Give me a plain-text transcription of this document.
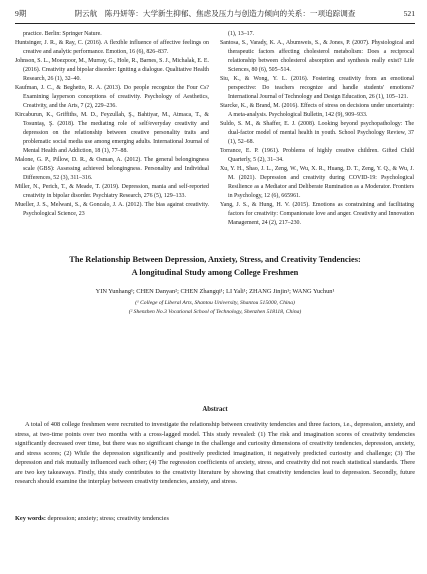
9期	阴云航　陈丹妍等：大学新生抑郁、焦虑及压力与创造力倾向的关系：一项追踪调查	521

practice. Berlin: Springer Nature.

Huntsinger, J. R., & Ray, C. (2016). A flexible influence of affective feelings on creative and analytic performance. Emotion, 16 (6), 826–837.

Johnson, S. L., Moezpoor, M., Murray, G., Hole, R., Barnes, S. J., Michalak, E. E. (2016). Creativity and bipolar disorder: Igniting a dialogue. Qualitative Health Research, 26 (1), 32–40.

Kaufman, J. C., & Beghetto, R. A. (2013). Do people recognize the Four Cs? Examining layperson conceptions of creativity. Psychology of Aesthetics, Creativity, and the Arts, 7 (2), 229–236.

Kircaburun, K., Griffiths, M. D., Feyzullah, Ş., Bahtiyar, M., Atmaca, T., & Tosuntaş, Ş. (2018). The mediating role of self/everyday creativity and depression on the relationship between creative personality traits and problematic social media use among emerging adults. International Journal of Mental Health and Addiction, 18 (1), 77–88.

Malone, G. P., Pillow, D. R., & Osman, A. (2012). The general belongingness scale (GBS): Assessing achieved belongingness. Personality and Individual Differences, 52 (3), 311–316.

Miller, N., Perich, T., & Meade, T. (2019). Depression, mania and self-reported creativity in bipolar disorder. Psychiatry Research, 276 (5), 129–133.

Mueller, J. S., Melwani, S., & Goncalo, J. A. (2012). The bias against creativity. Psychological Science, 23

(1), 13–17.

Santosa, S., Varady, K. A., Abumweis, S., & Jones, P. (2007). Physiological and therapeutic factors affecting cholesterol metabolism: Does a reciprocal relationship between cholesterol absorption and synthesis really exist? Life Sciences, 80 (6), 505–514.

Siu, K., & Wong, Y. L. (2016). Fostering creativity from an emotional perspective: Do teachers recognize and handle students' emotions? International Journal of Technology and Design Education, 26 (1), 105–121.

Starcke, K., & Brand, M. (2016). Effects of stress on decisions under uncertainty: A meta-analysis. Psychological Bulletin, 142 (9), 909–933.

Suldo, S. M., & Shaffer, E. J. (2008). Looking beyond psychopathology: The dual-factor model of mental health in youth. School Psychology Review, 37 (1), 52–68.

Torrance, E. P. (1961). Problems of highly creative children. Gifted Child Quarterly, 5 (2), 31–34.

Xu, Y. H., Shao, J. L., Zeng, W., Wu, X. R., Huang, D. T., Zeng, Y. Q., & Wu, J. M. (2021). Depression and creativity during COVID-19: Psychological Resilience as a Mediator and Deliberate Rumination as a Moderator. Frontiers in Psychology, 12 (6), 665961.

Yang, J. S., & Hung, H. V. (2015). Emotions as constraining and facilitating factors for creativity: Companionate love and anger. Creativity and Innovation Management, 24 (2), 217–230.

The Relationship Between Depression, Anxiety, Stress, and Creativity Tendencies:
A longitudinal Study among College Freshmen
YIN Yunhang¹; CHEN Danyan²; CHEN Zhangqi¹; LI Yali¹; ZHANG Jinjin¹; WANG Yuchun¹
(¹ College of Liberal Arts, Shantou University, Shantou 515000, China)
(² Shenzhen No.3 Vocational School of Technology, Shenzhen 518118, China)
Abstract
A total of 408 college freshmen were recruited to investigate the relationship between creativity tendencies and three factors, i.e., depression, anxiety, and stress, at two-time points over two months with a cross-lagged model. This study revealed: (1) The risk and imagination scores of creativity tendencies significantly decreased over time, but there was no significant change in the challenge and curiosity dimensions of creativity tendencies, depression, anxiety, and stress scores; (2) While the depression significantly and positively predicted imagination, it negatively predicted curiosity and challenge; (3) The depression and risk mutually influenced each other; (4) The regression coefficients of anxiety, stress, and creativity did not reach statistical standards. There are two key takeaways. Firstly, this study contributes to the creativity literature by showing that creativity tendencies lead to depression. Secondly, future research should examine the interplay between creativity tendencies, anxiety, and stress.
Key words: depression; anxiety; stress; creativity tendencies
